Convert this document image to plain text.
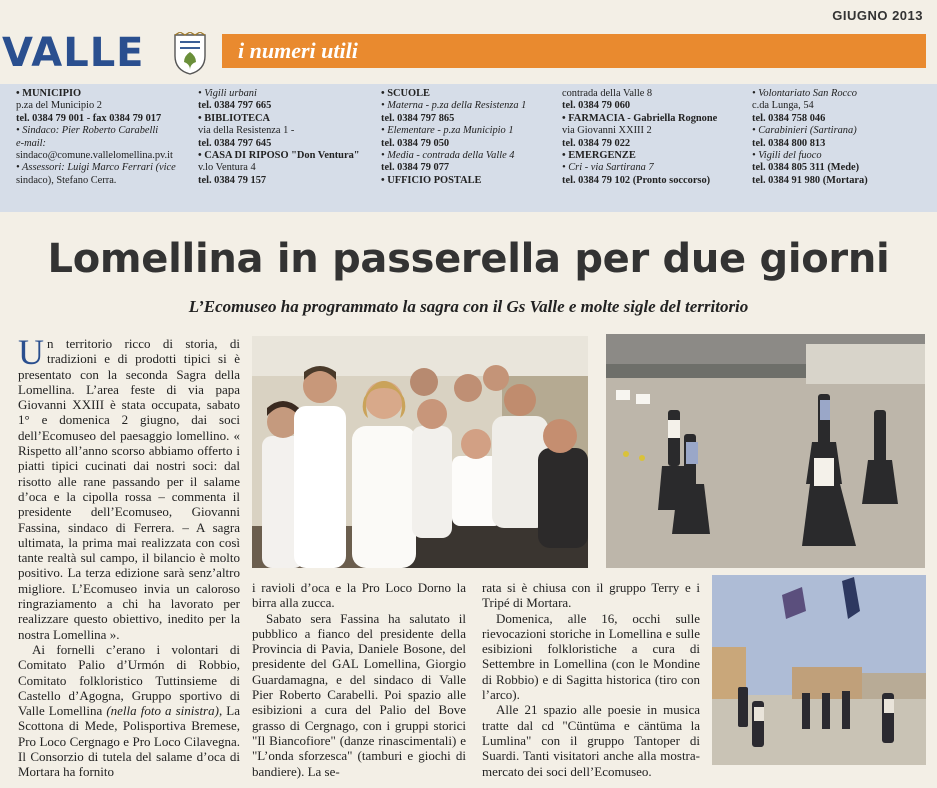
GIUGNO 2013
VALLE	i numeri utili
• MUNICIPIO
p.za del Municipio 2
tel. 0384 79 001 - fax 0384 79 017
• Sindaco: Pier Roberto Carabelli
e-mail:
sindaco@comune.vallelomellina.pv.it
• Assessori: Luigi Marco Ferrari (vice
sindaco), Stefano Cerra.
• Vigili urbani
tel. 0384 797 665
• BIBLIOTECA
via della Resistenza 1 -
tel. 0384 797 645
• CASA DI RIPOSO "Don Ventura"
v.lo Ventura 4
tel. 0384 79 157
• SCUOLE
• Materna - p.za della Resistenza 1
tel. 0384 797 865
• Elementare - p.za Municipio 1
tel. 0384 79 050
• Media - contrada della Valle 4
tel. 0384 79 077
• UFFICIO POSTALE
contrada della Valle 8
tel. 0384 79 060
• FARMACIA - Gabriella Rognone
via Giovanni XXIII 2
tel. 0384 79 022
• EMERGENZE
• Cri - via Sartirana 7
tel. 0384 79 102 (Pronto soccorso)
• Volontariato San Rocco
c.da Lunga, 54
tel. 0384 758 046
• Carabinieri (Sartirana)
tel. 0384 800 813
• Vigili del fuoco
tel. 0384 805 311 (Mede)
tel. 0384 91 980 (Mortara)
Lomellina in passerella per due giorni
L’Ecomuseo ha programmato la sagra con il Gs Valle e molte sigle del territorio

Un territorio ricco di storia, di tradizioni e di prodotti tipici si è presentato con la seconda Sagra della Lomellina. L’area feste di via papa Giovanni XXIII è stata occupata, sabato 1° e domenica 2 giugno, dai soci dell’Ecomuseo del paesaggio lomellino. « Rispetto all’anno scorso abbiamo offerto i piatti tipici cucinati dai nostri soci: dal risotto alle rane passando per il salame d’oca e la cipolla rossa – commenta il presidente dell’Ecomuseo, Giovanni Fassina, sindaco di Ferrera. – A sagra ultimata, la prima mai realizzata con così tante realtà sul campo, il bilancio è molto positivo. La terza edizione sarà senz’altro migliore. L’Ecomuseo invia un caloroso ringraziamento a chi ha lavorato per realizzare questo obiettivo, inedito per la nostra Lomellina ».

Ai fornelli c’erano i volontari di Comitato Palio d’Urmón di Robbio, Comitato folkloristico Tuttinsieme di Castello d’Agogna, Gruppo sportivo di Valle Lomellina (nella foto a sinistra), La Scottona di Mede, Polisportiva Bremese, Pro Loco Cergnago e Pro Loco Cilavegna. Il Consorzio di tutela del salame d’oca di Mortara ha fornito

i ravioli d’oca e la Pro Loco Dorno la birra alla zucca.

Sabato sera Fassina ha salutato il pubblico a fianco del presidente della Provincia di Pavia, Daniele Bosone, del presidente del GAL Lomellina, Giorgio Guardamagna, e del sindaco di Valle Pier Roberto Carabelli. Poi spazio alle esibizioni a cura del Palio del Bove grasso di Cergnago, con i gruppi storici "Il Biancofiore" (danze rinascimentali) e "L’onda sforzesca" (tamburi e giochi di bandiere). La se-

rata si è chiusa con il gruppo Terry e i Tripé di Mortara.

Domenica, alle 16, occhi sulle rievocazioni storiche in Lomellina e sulle esibizioni folkloristiche a cura di Settembre in Lomellina (con le Mondine di Robbio) e di Sagitta historica (tiro con l’arco).

Alle 21 spazio alle poesie in musica tratte dal cd "Cüntüma e cäntüma la Lumlina" con il gruppo Tantoper di Suardi. Tanti visitatori anche alla mostra-mercato dei soci dell’Ecomuseo.
